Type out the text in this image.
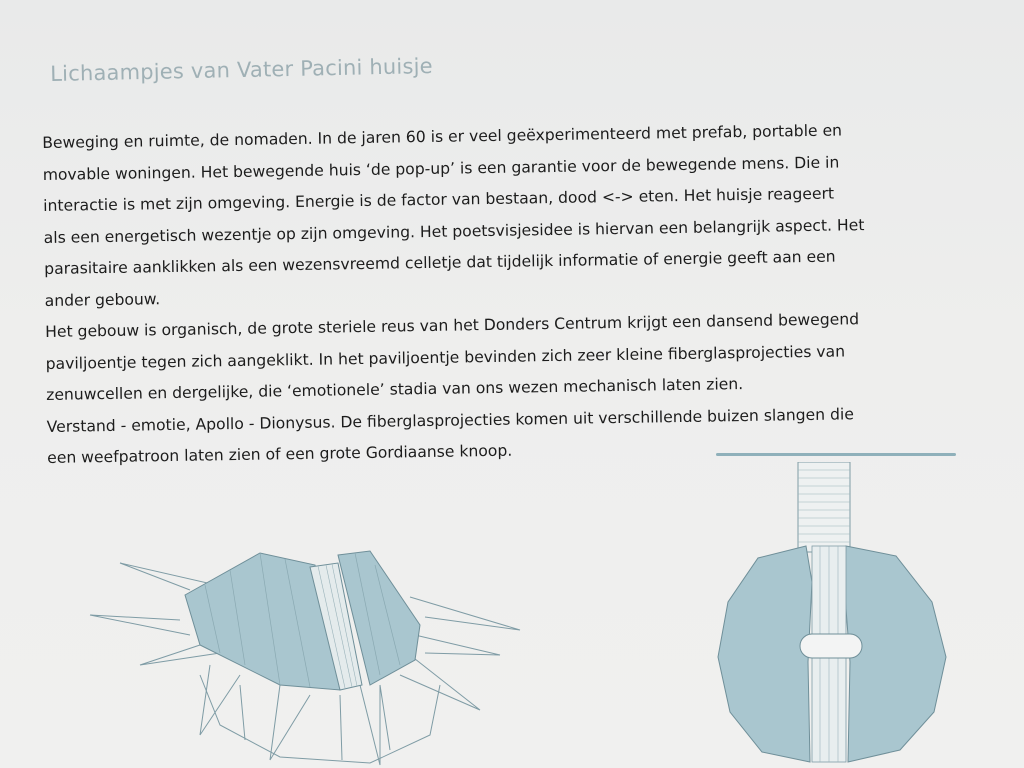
Lichaampjes van Vater Pacini huisje

Beweging en ruimte, de nomaden. In de jaren 60 is er veel geëxperimenteerd met prefab, portable en

movable woningen. Het bewegende huis ‘de pop-up’ is een garantie voor de bewegende mens. Die in

interactie is met zijn omgeving. Energie is de factor van bestaan, dood <-> eten. Het huisje reageert

als een energetisch wezentje op zijn omgeving. Het poetsvisjesidee is hiervan een belangrijk aspect. Het

parasitaire aanklikken als een wezensvreemd celletje dat tijdelijk informatie of energie geeft aan een

ander gebouw.

Het gebouw is organisch, de grote steriele reus van het Donders Centrum krijgt een dansend bewegend

paviljoentje tegen zich aangeklikt. In het paviljoentje bevinden zich zeer kleine fiberglasprojecties van

zenuwcellen en dergelijke, die ‘emotionele’ stadia van ons wezen mechanisch laten zien.

Verstand - emotie, Apollo - Dionysus. De fiberglasprojecties komen uit verschillende buizen slangen die

een weefpatroon laten zien of een grote Gordiaanse knoop.
